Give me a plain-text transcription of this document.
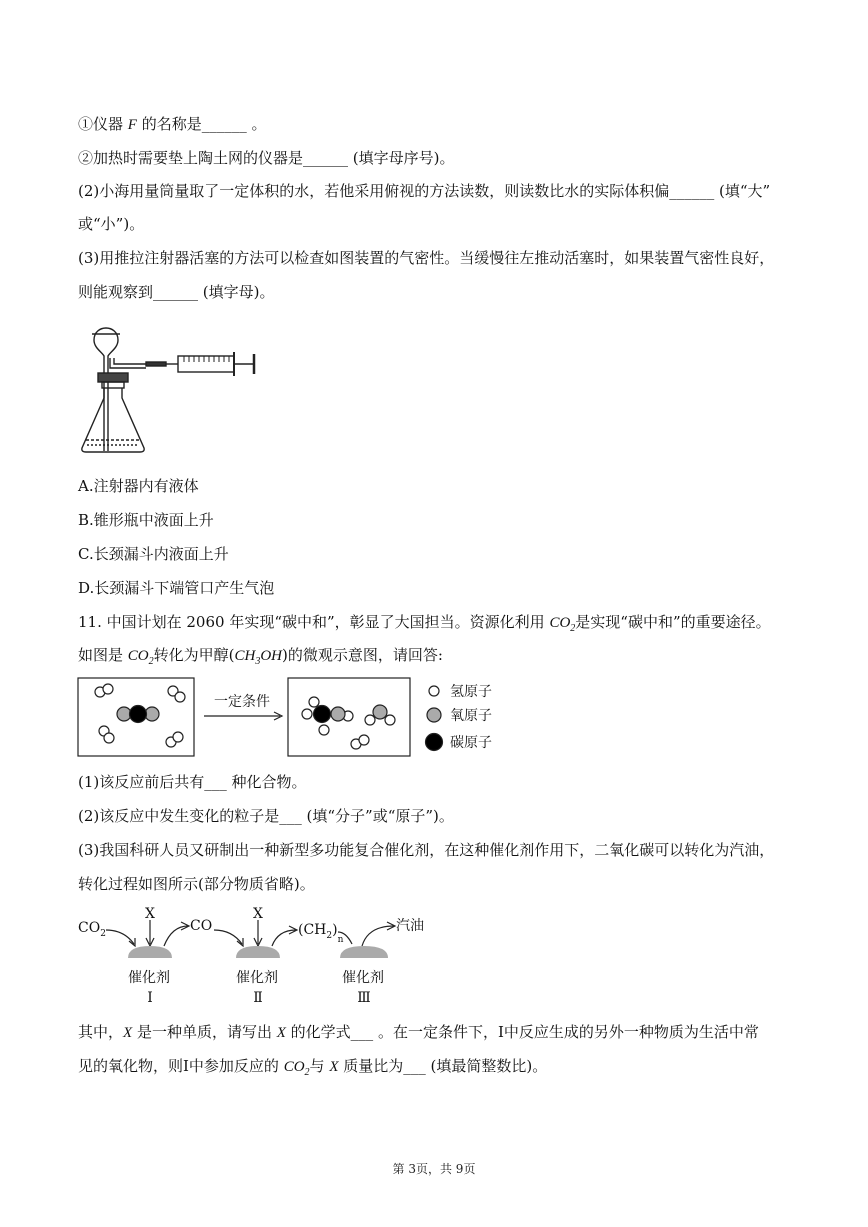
①仪器 F 的名称是______ 。
②加热时需要垫上陶土网的仪器是______ (填字母序号)。
(2)小海用量筒量取了一定体积的水，若他采用俯视的方法读数，则读数比水的实际体积偏______ (填“大”
或“小”)。
(3)用推拉注射器活塞的方法可以检查如图装置的气密性。当缓慢往左推动活塞时，如果装置气密性良好，
则能观察到______ (填字母)。
A.注射器内有液体
B.锥形瓶中液面上升
C.长颈漏斗内液面上升
D.长颈漏斗下端管口产生气泡
11. 中国计划在 2060 年实现“碳中和”，彰显了大国担当。资源化利用 $CO_2$是实现“碳中和”的重要途径。
如图是 $CO_2$转化为甲醇$(CH_3OH)$的微观示意图，请回答:
一定条件
氢原子
氧原子
碳原子
(1)该反应前后共有___ 种化合物。
(2)该反应中发生变化的粒子是___ (填“分子”或“原子”)。
(3)我国科研人员又研制出一种新型多功能复合催化剂，在这种催化剂作用下，二氧化碳可以转化为汽油，
转化过程如图所示(部分物质省略)。
$CO_2$
X
CO
X
$(CH_2)_n$
汽油
催化剂	催化剂	催化剂
Ⅰ	Ⅱ	Ⅲ
其中，X 是一种单质，请写出 X 的化学式___ 。在一定条件下，Ⅰ中反应生成的另外一种物质为生活中常
见的氧化物，则Ⅰ中参加反应的 $CO_2$与 X 质量比为___ (填最简整数比)。
第 3页，共 9页
